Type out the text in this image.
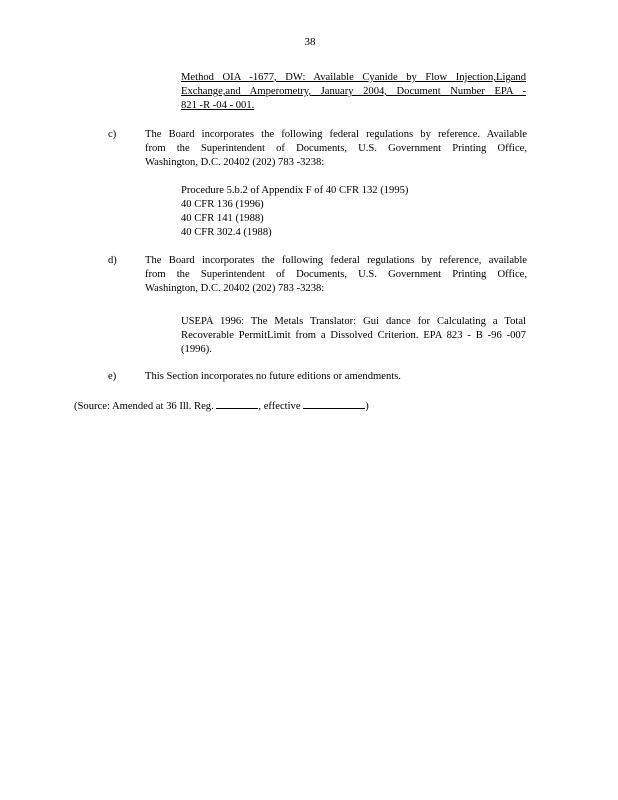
38
Method OIA -1677, DW: Available Cyanide by Flow Injection,Ligand
Exchange,and Amperometry, January 2004, Document Number EPA -
821 -R -04 - 001.
c)	The Board incorporates the following federal regulations by reference. Available
from the Superintendent of Documents, U.S. Government Printing Office,
Washington, D.C. 20402 (202) 783 -3238:
Procedure 5.b.2 of Appendix F of 40 CFR 132 (1995)
40 CFR 136 (1996)
40 CFR 141 (1988)
40 CFR 302.4 (1988)
d)	The Board incorporates the following federal regulations by reference, available
from the Superintendent of Documents, U.S. Government Printing Office,
Washington, D.C. 20402 (202) 783 -3238:
USEPA 1996: The Metals Translator: Gui dance for Calculating a Total
Recoverable PermitLimit from a Dissolved Criterion. EPA 823 - B -96 -007
(1996).
e)	This Section incorporates no future editions or amendments.
(Source: Amended at 36 Ill. Reg.	, effective	)
